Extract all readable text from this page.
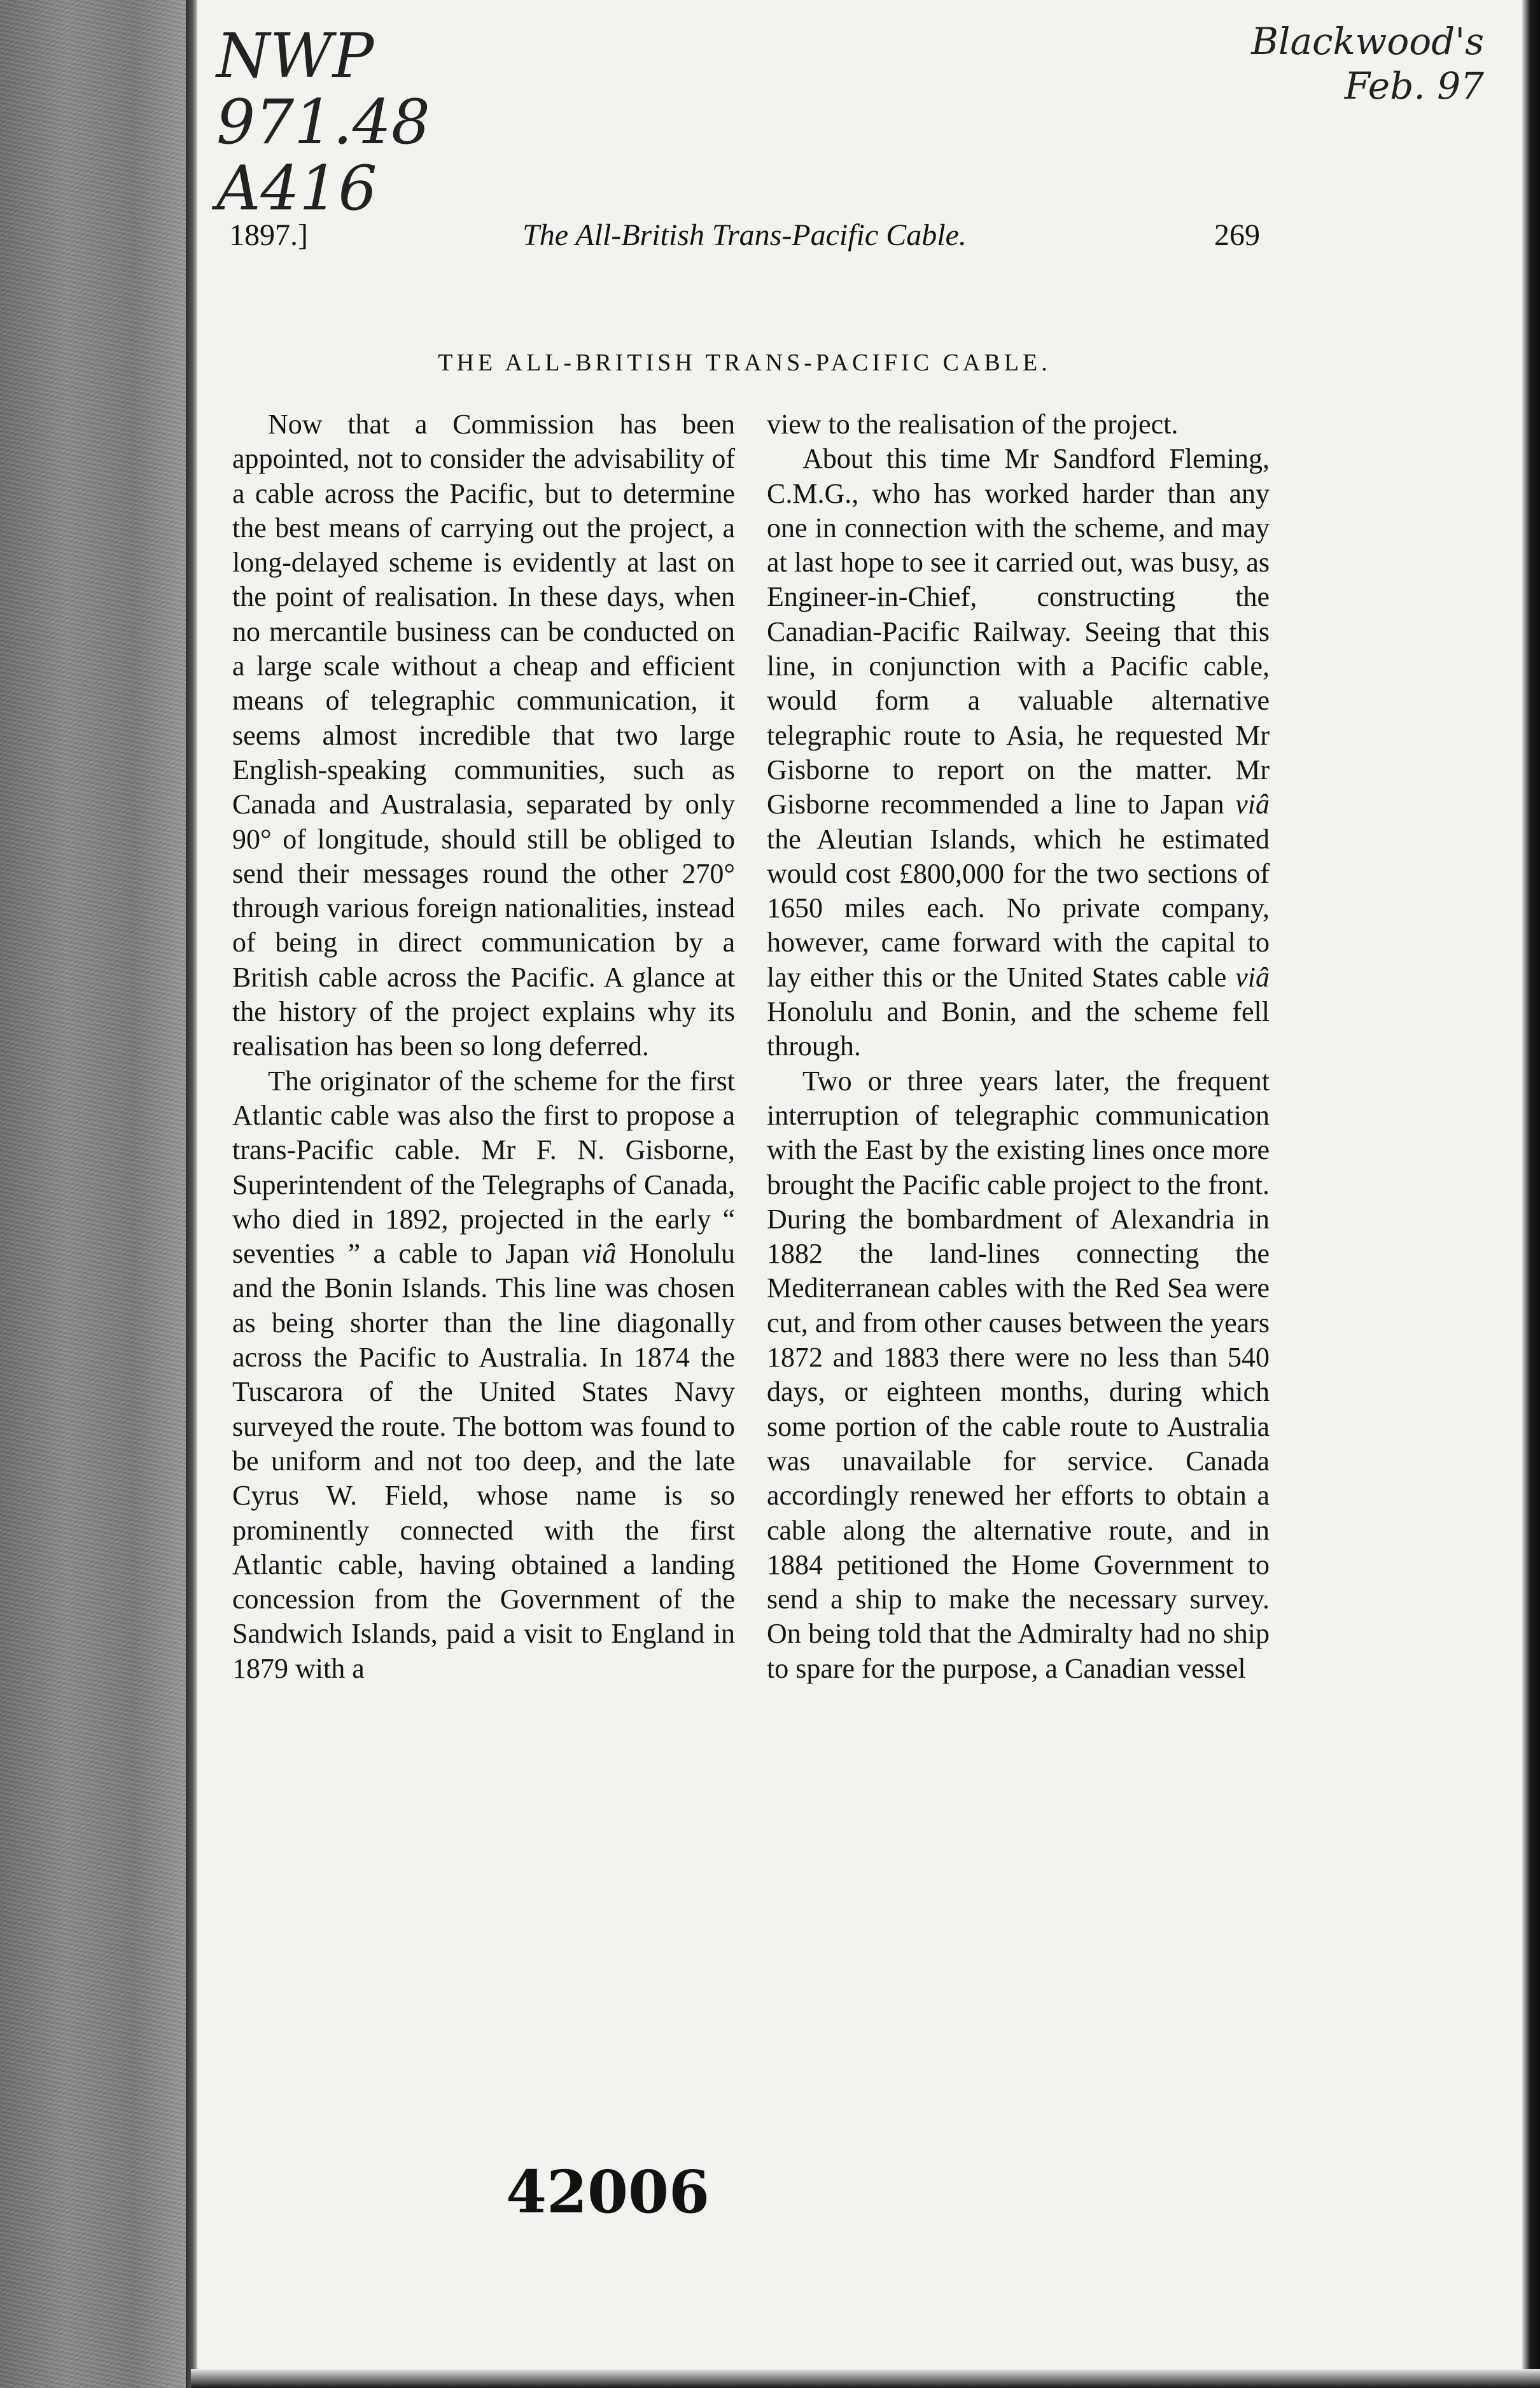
NWP
971.48
A416
Blackwood's
Feb. 97
1897.]	The All-British Trans-Pacific Cable.	269
THE ALL-BRITISH TRANS-PACIFIC CABLE.

Now that a Commission has been appointed, not to consider the advisability of a cable across the Pacific, but to determine the best means of carrying out the project, a long-delayed scheme is evidently at last on the point of realisation. In these days, when no mercantile business can be conducted on a large scale without a cheap and efficient means of telegraphic communication, it seems almost incredible that two large English-speaking communities, such as Canada and Australasia, separated by only 90° of longitude, should still be obliged to send their messages round the other 270° through various foreign nationalities, instead of being in direct communication by a British cable across the Pacific. A glance at the history of the project explains why its realisation has been so long deferred.

The originator of the scheme for the first Atlantic cable was also the first to propose a trans-Pacific cable. Mr F. N. Gisborne, Superintendent of the Telegraphs of Canada, who died in 1892, projected in the early “ seventies ” a cable to Japan viâ Honolulu and the Bonin Islands. This line was chosen as being shorter than the line diagonally across the Pacific to Australia. In 1874 the Tuscarora of the United States Navy surveyed the route. The bottom was found to be uniform and not too deep, and the late Cyrus W. Field, whose name is so prominently connected with the first Atlantic cable, having obtained a landing concession from the Government of the Sandwich Islands, paid a visit to England in 1879 with a

view to the realisation of the project.

About this time Mr Sandford Fleming, C.M.G., who has worked harder than any one in connection with the scheme, and may at last hope to see it carried out, was busy, as Engineer-in-Chief, constructing the Canadian-Pacific Railway. Seeing that this line, in conjunction with a Pacific cable, would form a valuable alternative telegraphic route to Asia, he requested Mr Gisborne to report on the matter. Mr Gisborne recommended a line to Japan viâ the Aleutian Islands, which he estimated would cost £800,000 for the two sections of 1650 miles each. No private company, however, came forward with the capital to lay either this or the United States cable viâ Honolulu and Bonin, and the scheme fell through.

Two or three years later, the frequent interruption of telegraphic communication with the East by the existing lines once more brought the Pacific cable project to the front. During the bombardment of Alexandria in 1882 the land-lines connecting the Mediterranean cables with the Red Sea were cut, and from other causes between the years 1872 and 1883 there were no less than 540 days, or eighteen months, during which some portion of the cable route to Australia was unavailable for service. Canada accordingly renewed her efforts to obtain a cable along the alternative route, and in 1884 petitioned the Home Government to send a ship to make the necessary survey. On being told that the Admiralty had no ship to spare for the purpose, a Canadian vessel

42006
